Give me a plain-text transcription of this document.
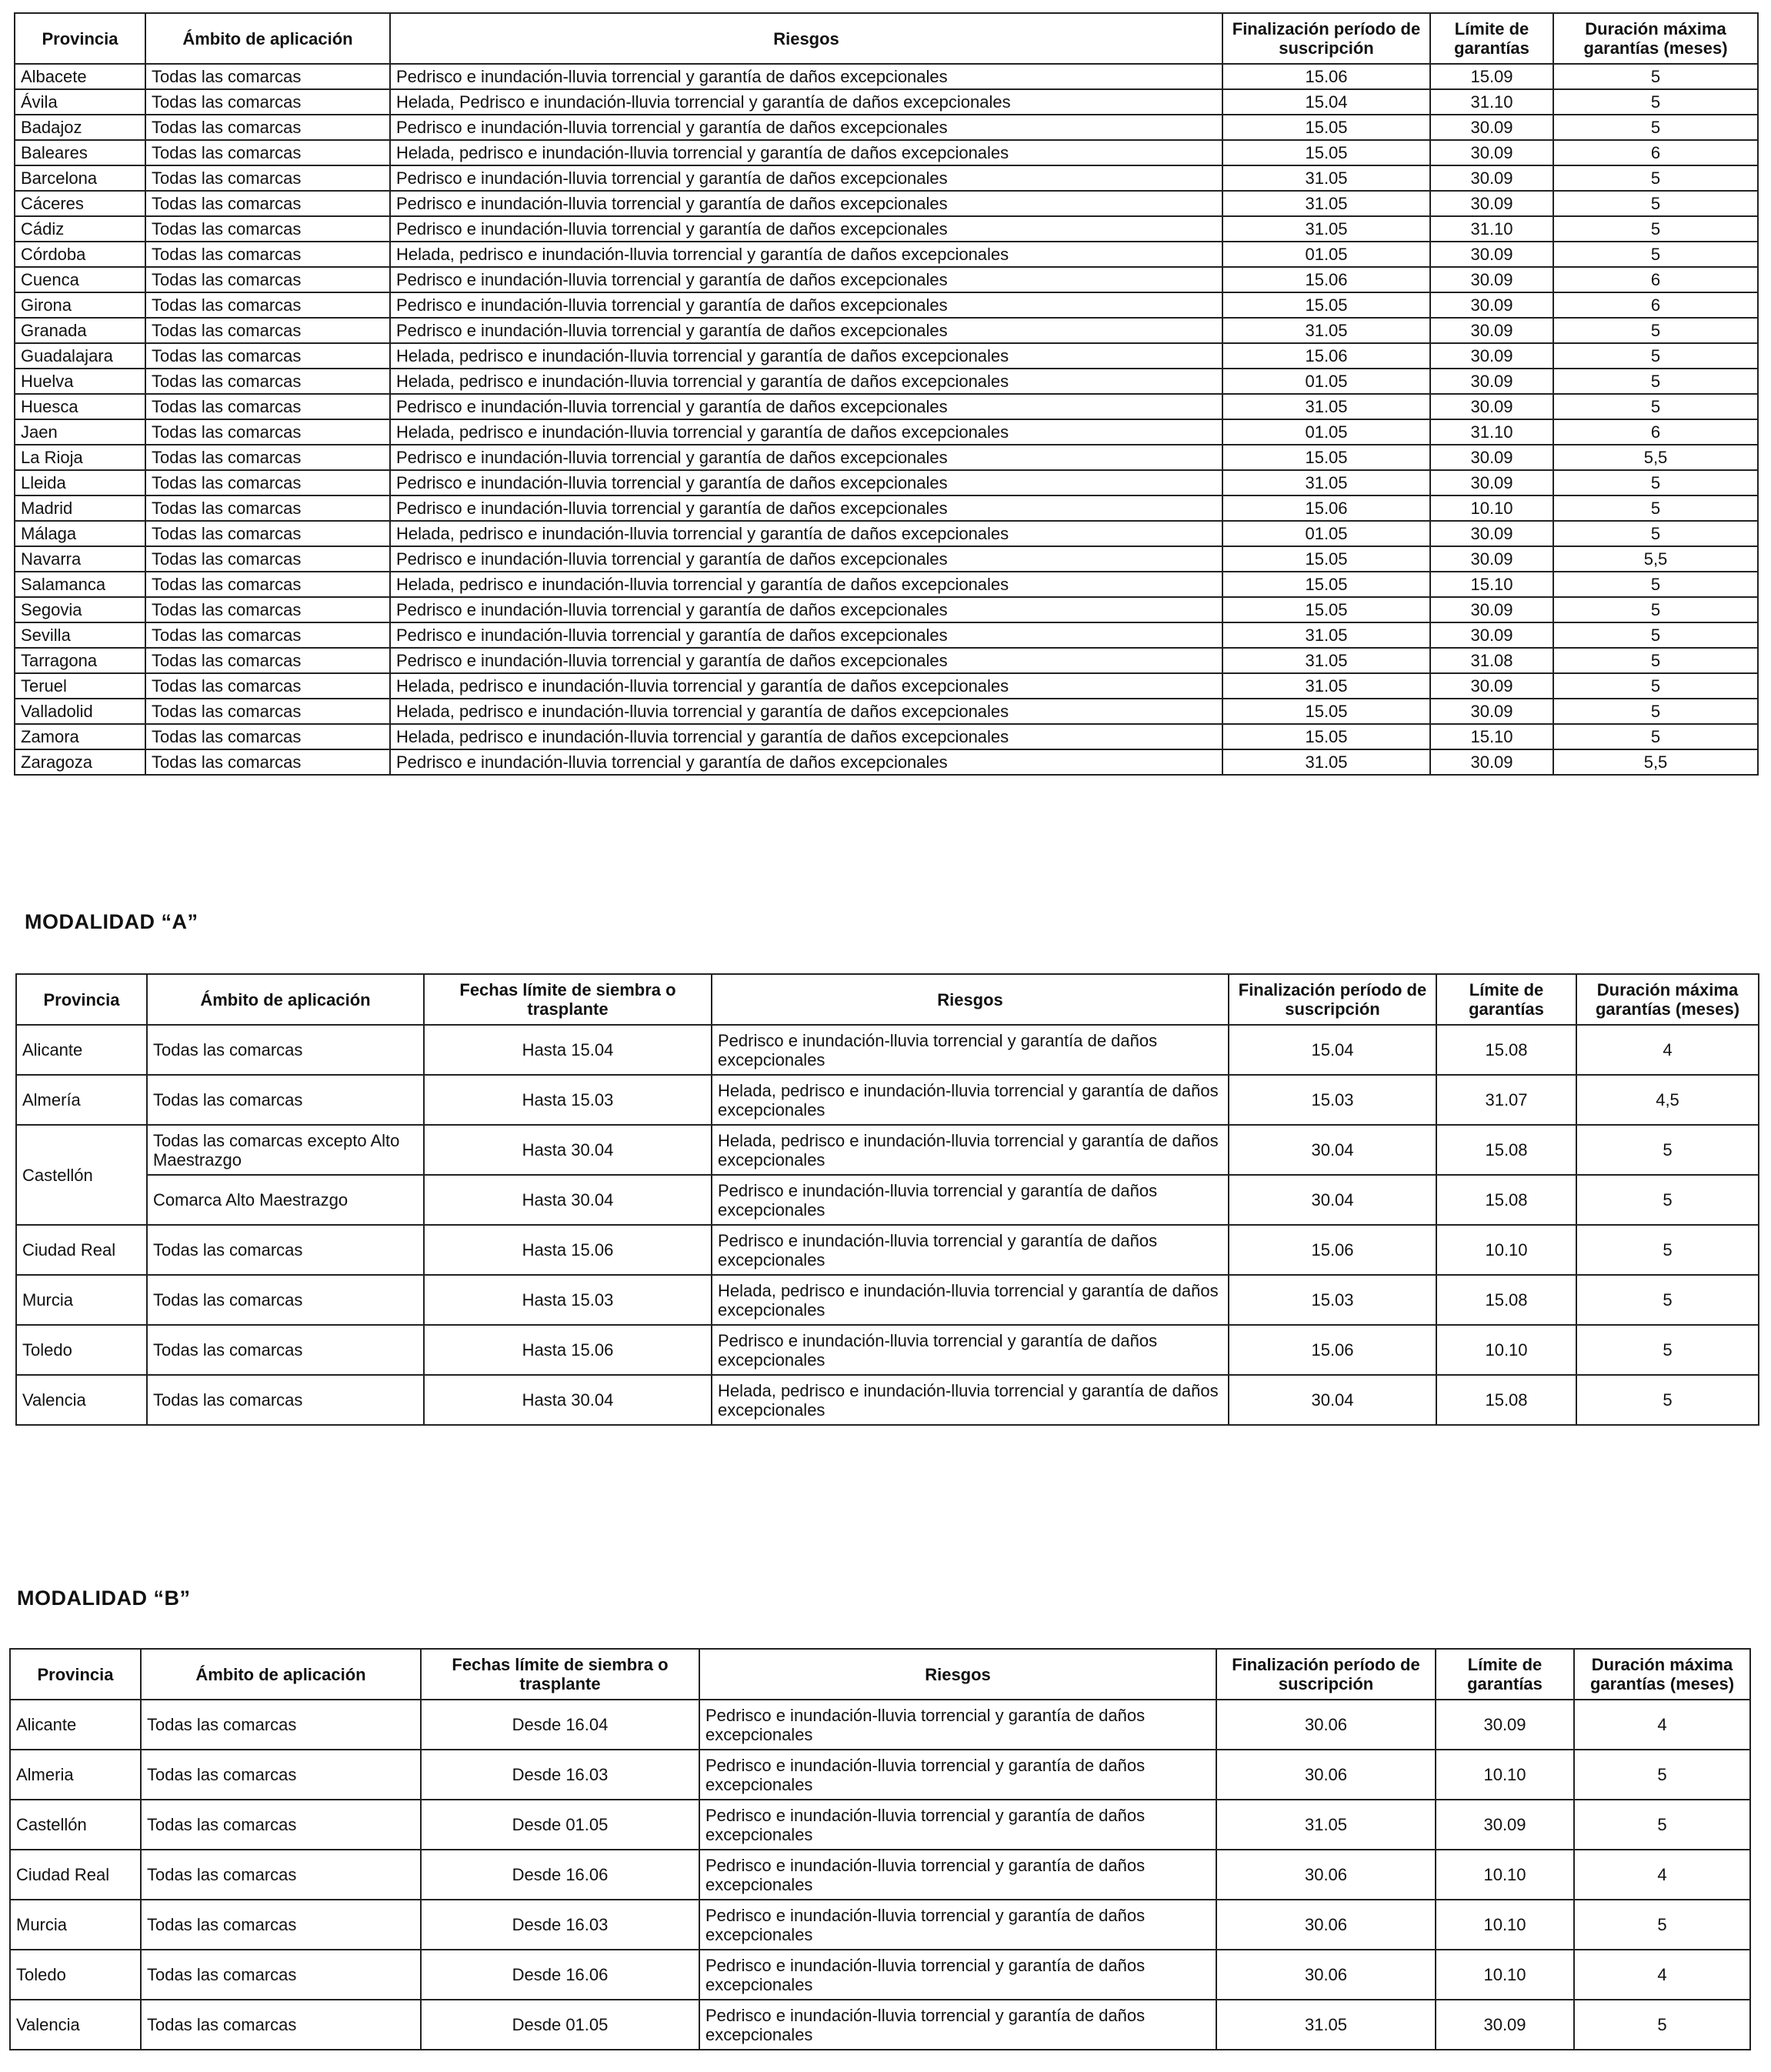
Provincia	Ámbito de aplicación	Riesgos	Finalización período de suscripción	Límite de garantías	Duración máxima garantías (meses)
Albacete	Todas las comarcas	Pedrisco e inundación-lluvia torrencial y garantía de daños excepcionales	15.06	15.09	5
Ávila	Todas las comarcas	Helada, Pedrisco e inundación-lluvia torrencial y garantía de daños excepcionales	15.04	31.10	5
Badajoz	Todas las comarcas	Pedrisco e inundación-lluvia torrencial y garantía de daños excepcionales	15.05	30.09	5
Baleares	Todas las comarcas	Helada, pedrisco e inundación-lluvia torrencial y garantía de daños excepcionales	15.05	30.09	6
Barcelona	Todas las comarcas	Pedrisco e inundación-lluvia torrencial y garantía de daños excepcionales	31.05	30.09	5
Cáceres	Todas las comarcas	Pedrisco e inundación-lluvia torrencial y garantía de daños excepcionales	31.05	30.09	5
Cádiz	Todas las comarcas	Pedrisco e inundación-lluvia torrencial y garantía de daños excepcionales	31.05	31.10	5
Córdoba	Todas las comarcas	Helada, pedrisco e inundación-lluvia torrencial y garantía de daños excepcionales	01.05	30.09	5
Cuenca	Todas las comarcas	Pedrisco e inundación-lluvia torrencial y garantía de daños excepcionales	15.06	30.09	6
Girona	Todas las comarcas	Pedrisco e inundación-lluvia torrencial y garantía de daños excepcionales	15.05	30.09	6
Granada	Todas las comarcas	Pedrisco e inundación-lluvia torrencial y garantía de daños excepcionales	31.05	30.09	5
Guadalajara	Todas las comarcas	Helada, pedrisco e inundación-lluvia torrencial y garantía de daños excepcionales	15.06	30.09	5
Huelva	Todas las comarcas	Helada, pedrisco e inundación-lluvia torrencial y garantía de daños excepcionales	01.05	30.09	5
Huesca	Todas las comarcas	Pedrisco e inundación-lluvia torrencial y garantía de daños excepcionales	31.05	30.09	5
Jaen	Todas las comarcas	Helada, pedrisco e inundación-lluvia torrencial y garantía de daños excepcionales	01.05	31.10	6
La Rioja	Todas las comarcas	Pedrisco e inundación-lluvia torrencial y garantía de daños excepcionales	15.05	30.09	5,5
Lleida	Todas las comarcas	Pedrisco e inundación-lluvia torrencial y garantía de daños excepcionales	31.05	30.09	5
Madrid	Todas las comarcas	Pedrisco e inundación-lluvia torrencial y garantía de daños excepcionales	15.06	10.10	5
Málaga	Todas las comarcas	Helada, pedrisco e inundación-lluvia torrencial y garantía de daños excepcionales	01.05	30.09	5
Navarra	Todas las comarcas	Pedrisco e inundación-lluvia torrencial y garantía de daños excepcionales	15.05	30.09	5,5
Salamanca	Todas las comarcas	Helada, pedrisco e inundación-lluvia torrencial y garantía de daños excepcionales	15.05	15.10	5
Segovia	Todas las comarcas	Pedrisco e inundación-lluvia torrencial y garantía de daños excepcionales	15.05	30.09	5
Sevilla	Todas las comarcas	Pedrisco e inundación-lluvia torrencial y garantía de daños excepcionales	31.05	30.09	5
Tarragona	Todas las comarcas	Pedrisco e inundación-lluvia torrencial y garantía de daños excepcionales	31.05	31.08	5
Teruel	Todas las comarcas	Helada, pedrisco e inundación-lluvia torrencial y garantía de daños excepcionales	31.05	30.09	5
Valladolid	Todas las comarcas	Helada, pedrisco e inundación-lluvia torrencial y garantía de daños excepcionales	15.05	30.09	5
Zamora	Todas las comarcas	Helada, pedrisco e inundación-lluvia torrencial y garantía de daños excepcionales	15.05	15.10	5
Zaragoza	Todas las comarcas	Pedrisco e inundación-lluvia torrencial y garantía de daños excepcionales	31.05	30.09	5,5
MODALIDAD “A”
Provincia	Ámbito de aplicación	Fechas límite de siembra o trasplante	Riesgos	Finalización período de suscripción	Límite de garantías	Duración máxima garantías (meses)
Alicante	Todas las comarcas	Hasta 15.04	Pedrisco e inundación-lluvia torrencial y garantía de daños excepcionales	15.04	15.08	4
Almería	Todas las comarcas	Hasta 15.03	Helada, pedrisco e inundación-lluvia torrencial y garantía de daños excepcionales	15.03	31.07	4,5
Castellón	Todas las comarcas excepto Alto Maestrazgo	Hasta 30.04	Helada, pedrisco e inundación-lluvia torrencial y garantía de daños excepcionales	30.04	15.08	5
	Comarca Alto Maestrazgo	Hasta 30.04	Pedrisco e inundación-lluvia torrencial y garantía de daños excepcionales	30.04	15.08	5
Ciudad Real	Todas las comarcas	Hasta 15.06	Pedrisco e inundación-lluvia torrencial y garantía de daños excepcionales	15.06	10.10	5
Murcia	Todas las comarcas	Hasta 15.03	Helada, pedrisco e inundación-lluvia torrencial y garantía de daños excepcionales	15.03	15.08	5
Toledo	Todas las comarcas	Hasta 15.06	Pedrisco e inundación-lluvia torrencial y garantía de daños excepcionales	15.06	10.10	5
Valencia	Todas las comarcas	Hasta 30.04	Helada, pedrisco e inundación-lluvia torrencial y garantía de daños excepcionales	30.04	15.08	5
MODALIDAD “B”
Provincia	Ámbito de aplicación	Fechas límite de siembra o trasplante	Riesgos	Finalización período de suscripción	Límite de garantías	Duración máxima garantías (meses)
Alicante	Todas las comarcas	Desde 16.04	Pedrisco e inundación-lluvia torrencial y garantía de daños excepcionales	30.06	30.09	4
Almeria	Todas las comarcas	Desde 16.03	Pedrisco e inundación-lluvia torrencial y garantía de daños excepcionales	30.06	10.10	5
Castellón	Todas las comarcas	Desde 01.05	Pedrisco e inundación-lluvia torrencial y garantía de daños excepcionales	31.05	30.09	5
Ciudad Real	Todas las comarcas	Desde 16.06	Pedrisco e inundación-lluvia torrencial y garantía de daños excepcionales	30.06	10.10	4
Murcia	Todas las comarcas	Desde 16.03	Pedrisco e inundación-lluvia torrencial y garantía de daños excepcionales	30.06	10.10	5
Toledo	Todas las comarcas	Desde 16.06	Pedrisco e inundación-lluvia torrencial y garantía de daños excepcionales	30.06	10.10	4
Valencia	Todas las comarcas	Desde 01.05	Pedrisco e inundación-lluvia torrencial y garantía de daños excepcionales	31.05	30.09	5
